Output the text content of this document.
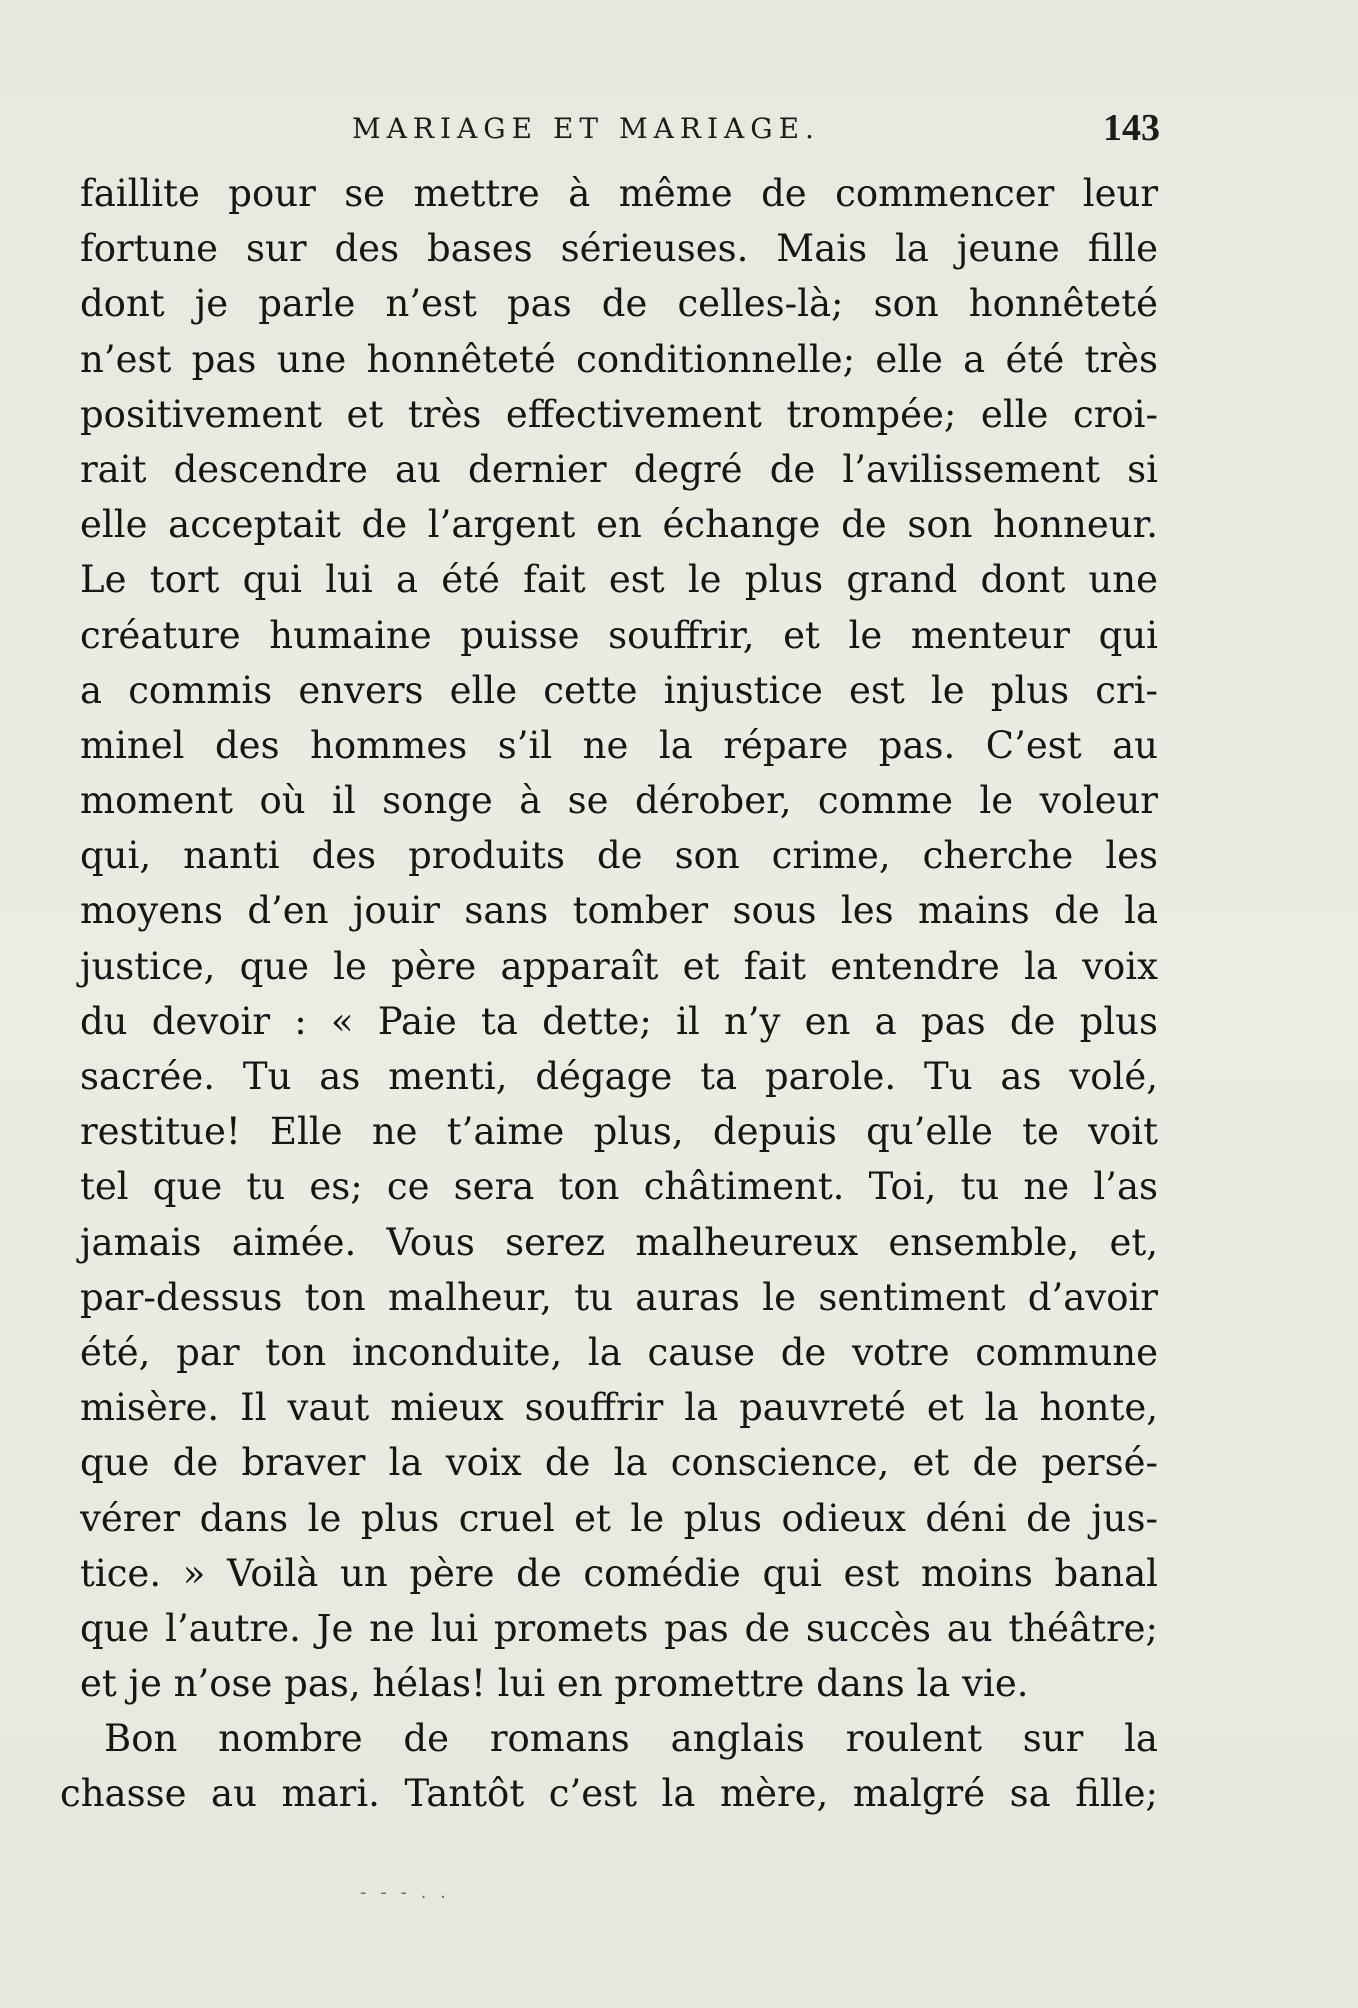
MARIAGE ET MARIAGE.	143
faillite pour se mettre à même de commencer leur
fortune sur des bases sérieuses. Mais la jeune fille
dont je parle n’est pas de celles-là; son honnêteté
n’est pas une honnêteté conditionnelle; elle a été très
positivement et très effectivement trompée; elle croi-
rait descendre au dernier degré de l’avilissement si
elle acceptait de l’argent en échange de son honneur.
Le tort qui lui a été fait est le plus grand dont une
créature humaine puisse souffrir, et le menteur qui
a commis envers elle cette injustice est le plus cri-
minel des hommes s’il ne la répare pas. C’est au
moment où il songe à se dérober, comme le voleur
qui, nanti des produits de son crime, cherche les
moyens d’en jouir sans tomber sous les mains de la
justice, que le père apparaît et fait entendre la voix
du devoir : « Paie ta dette; il n’y en a pas de plus
sacrée. Tu as menti, dégage ta parole. Tu as volé,
restitue! Elle ne t’aime plus, depuis qu’elle te voit
tel que tu es; ce sera ton châtiment. Toi, tu ne l’as
jamais aimée. Vous serez malheureux ensemble, et,
par-dessus ton malheur, tu auras le sentiment d’avoir
été, par ton inconduite, la cause de votre commune
misère. Il vaut mieux souffrir la pauvreté et la honte,
que de braver la voix de la conscience, et de persé-
vérer dans le plus cruel et le plus odieux déni de jus-
tice. » Voilà un père de comédie qui est moins banal
que l’autre. Je ne lui promets pas de succès au théâtre;
et je n’ose pas, hélas! lui en promettre dans la vie.
Bon nombre de romans anglais roulent sur la
chasse au mari. Tantôt c’est la mère, malgré sa fille;
- - - . .
